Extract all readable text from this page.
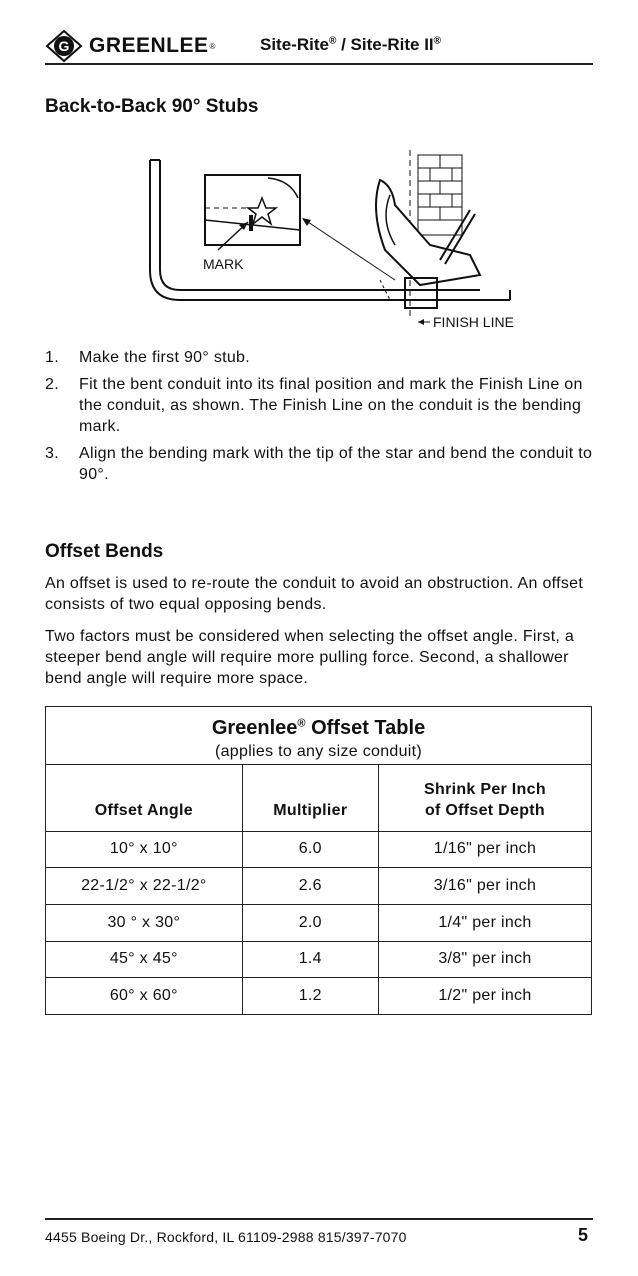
G GREENLEE ®	Site-Rite® / Site-Rite II®
Back-to-Back 90° Stubs
MARK
FINISH LINE
1.	Make the first 90° stub.
2.	Fit the bent conduit into its final position and mark the Finish Line on the conduit, as shown. The Finish Line on the conduit is the bending mark.
3.	Align the bending mark with the tip of the star and bend the conduit to 90°.
Offset Bends
An offset is used to re-route the conduit to avoid an obstruction. An offset consists of two equal opposing bends.
Two factors must be considered when selecting the offset angle. First, a steeper bend angle will require more pulling force. Second, a shallower bend angle will require more space.
Greenlee® Offset Table
(applies to any size conduit)
Offset Angle	Multiplier	Shrink Per Inch
of Offset Depth
10° x 10°	6.0	1/16" per inch
22-1/2° x 22-1/2°	2.6	3/16" per inch
30 ° x 30°	2.0	1/4" per inch
45° x 45°	1.4	3/8" per inch
60° x 60°	1.2	1/2" per inch
4455 Boeing Dr., Rockford, IL 61109-2988 815/397-7070	5
